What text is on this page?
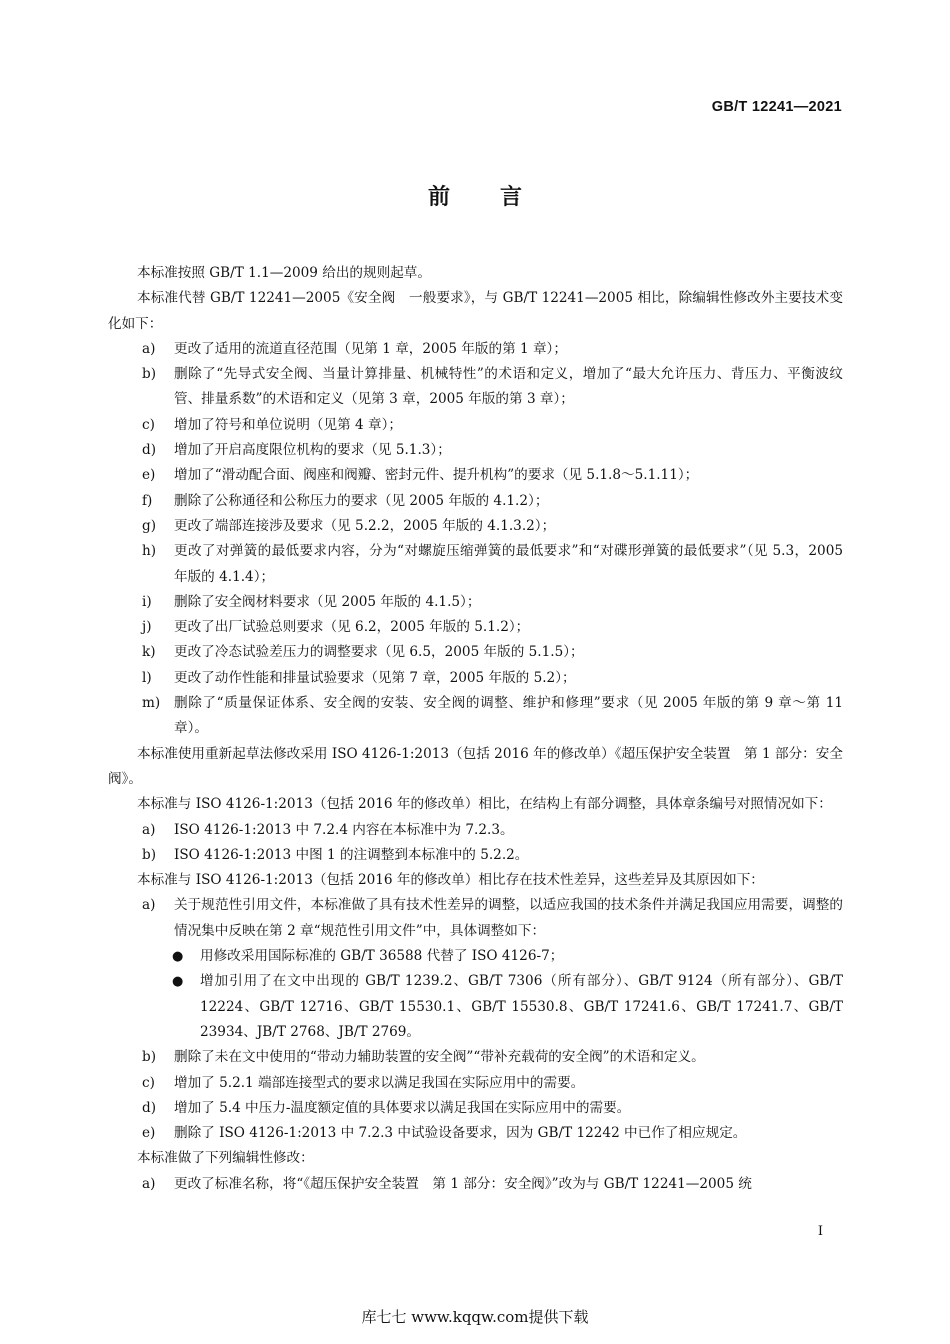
GB/T 12241—2021
前言
本标准按照 GB/T 1.1—2009 给出的规则起草。
本标准代替 GB/T 12241—2005《安全阀　一般要求》，与 GB/T 12241—2005 相比，除编辑性修改外主要技术变化如下：
a) 更改了适用的流道直径范围（见第 1 章，2005 年版的第 1 章）；
b) 删除了“先导式安全阀、当量计算排量、机械特性”的术语和定义，增加了“最大允许压力、背压力、平衡波纹管、排量系数”的术语和定义（见第 3 章，2005 年版的第 3 章）；
c) 增加了符号和单位说明（见第 4 章）；
d) 增加了开启高度限位机构的要求（见 5.1.3）；
e) 增加了“滑动配合面、阀座和阀瓣、密封元件、提升机构”的要求（见 5.1.8～5.1.11）；
f) 删除了公称通径和公称压力的要求（见 2005 年版的 4.1.2）；
g) 更改了端部连接涉及要求（见 5.2.2，2005 年版的 4.1.3.2）；
h) 更改了对弹簧的最低要求内容，分为“对螺旋压缩弹簧的最低要求”和“对碟形弹簧的最低要求”（见 5.3，2005 年版的 4.1.4）；
i) 删除了安全阀材料要求（见 2005 年版的 4.1.5）；
j) 更改了出厂试验总则要求（见 6.2，2005 年版的 5.1.2）；
k) 更改了冷态试验差压力的调整要求（见 6.5，2005 年版的 5.1.5）；
l) 更改了动作性能和排量试验要求（见第 7 章，2005 年版的 5.2）；
m) 删除了“质量保证体系、安全阀的安装、安全阀的调整、维护和修理”要求（见 2005 年版的第 9 章～第 11 章）。
本标准使用重新起草法修改采用 ISO 4126-1:2013（包括 2016 年的修改单）《超压保护安全装置　第 1 部分：安全阀》。
本标准与 ISO 4126-1:2013（包括 2016 年的修改单）相比，在结构上有部分调整，具体章条编号对照情况如下：
a) ISO 4126-1:2013 中 7.2.4 内容在本标准中为 7.2.3。
b) ISO 4126-1:2013 中图 1 的注调整到本标准中的 5.2.2。
本标准与 ISO 4126-1:2013（包括 2016 年的修改单）相比存在技术性差异，这些差异及其原因如下：
a) 关于规范性引用文件，本标准做了具有技术性差异的调整，以适应我国的技术条件并满足我国应用需要，调整的情况集中反映在第 2 章“规范性引用文件”中，具体调整如下：
● 用修改采用国际标准的 GB/T 36588 代替了 ISO 4126-7；
● 增加引用了在文中出现的 GB/T 1239.2、GB/T 7306（所有部分）、GB/T 9124（所有部分）、GB/T 12224、GB/T 12716、GB/T 15530.1、GB/T 15530.8、GB/T 17241.6、GB/T 17241.7、GB/T 23934、JB/T 2768、JB/T 2769。
b) 删除了未在文中使用的“带动力辅助装置的安全阀”“带补充载荷的安全阀”的术语和定义。
c) 增加了 5.2.1 端部连接型式的要求以满足我国在实际应用中的需要。
d) 增加了 5.4 中压力-温度额定值的具体要求以满足我国在实际应用中的需要。
e) 删除了 ISO 4126-1:2013 中 7.2.3 中试验设备要求，因为 GB/T 12242 中已作了相应规定。
本标准做了下列编辑性修改：
a) 更改了标准名称，将“《超压保护安全装置　第 1 部分：安全阀》”改为与 GB/T 12241—2005 统
I
库七七 www.kqqw.com提供下载
